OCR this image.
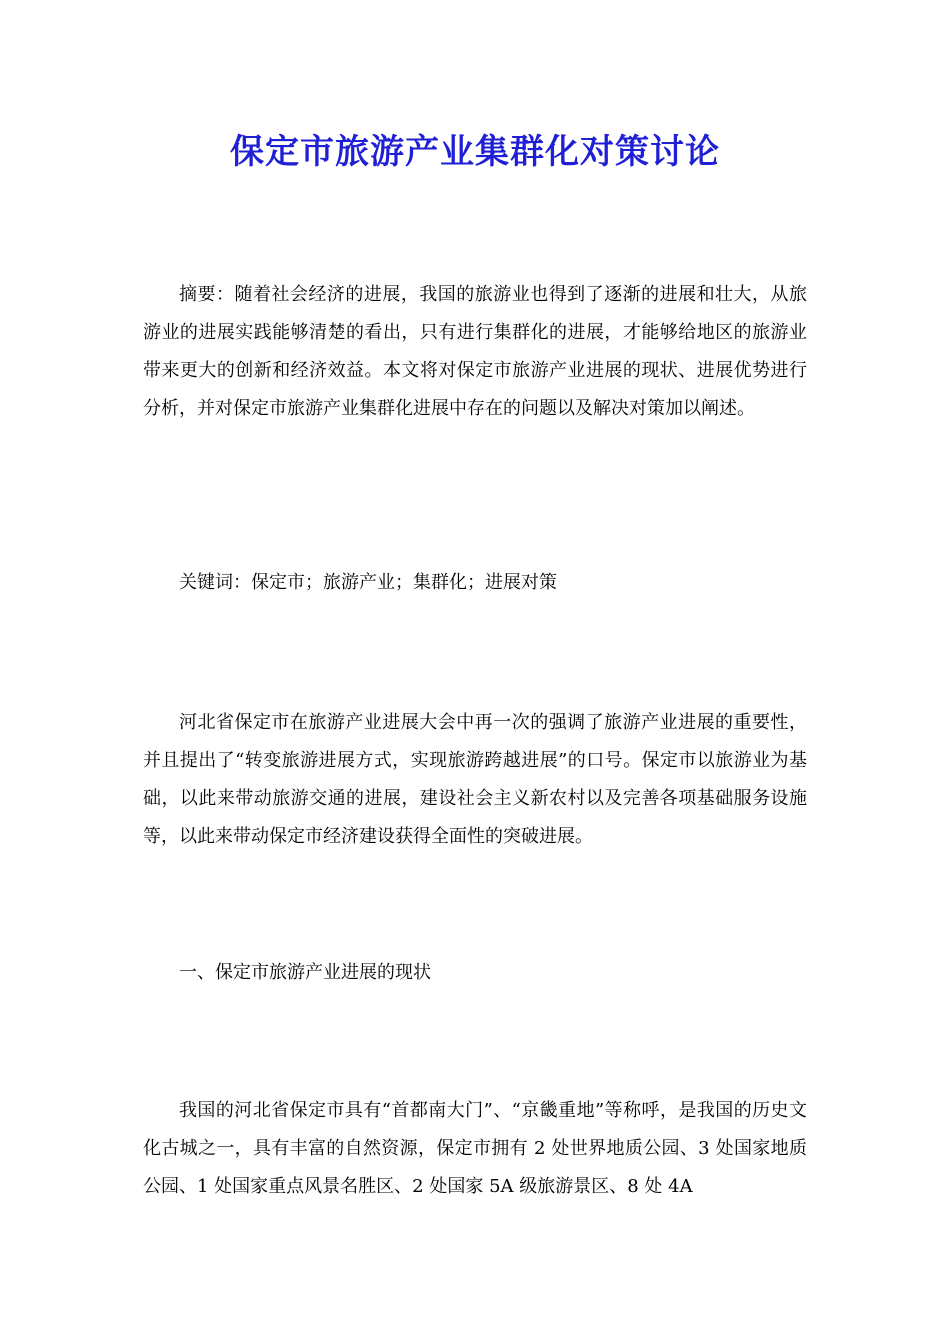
保定市旅游产业集群化对策讨论

摘要：随着社会经济的进展，我国的旅游业也得到了逐渐的进展和壮大，从旅游业的进展实践能够清楚的看出，只有进行集群化的进展，才能够给地区的旅游业带来更大的创新和经济效益。本文将对保定市旅游产业进展的现状、进展优势进行分析，并对保定市旅游产业集群化进展中存在的问题以及解决对策加以阐述。

关键词：保定市；旅游产业；集群化；进展对策

河北省保定市在旅游产业进展大会中再一次的强调了旅游产业进展的重要性，并且提出了“转变旅游进展方式，实现旅游跨越进展”的口号。保定市以旅游业为基础，以此来带动旅游交通的进展，建设社会主义新农村以及完善各项基础服务设施等，以此来带动保定市经济建设获得全面性的突破进展。

一、保定市旅游产业进展的现状

我国的河北省保定市具有“首都南大门”、“京畿重地”等称呼，是我国的历史文化古城之一，具有丰富的自然资源，保定市拥有 2 处世界地质公园、3 处国家地质公园、1 处国家重点风景名胜区、2 处国家 5A 级旅游景区、8 处 4A
